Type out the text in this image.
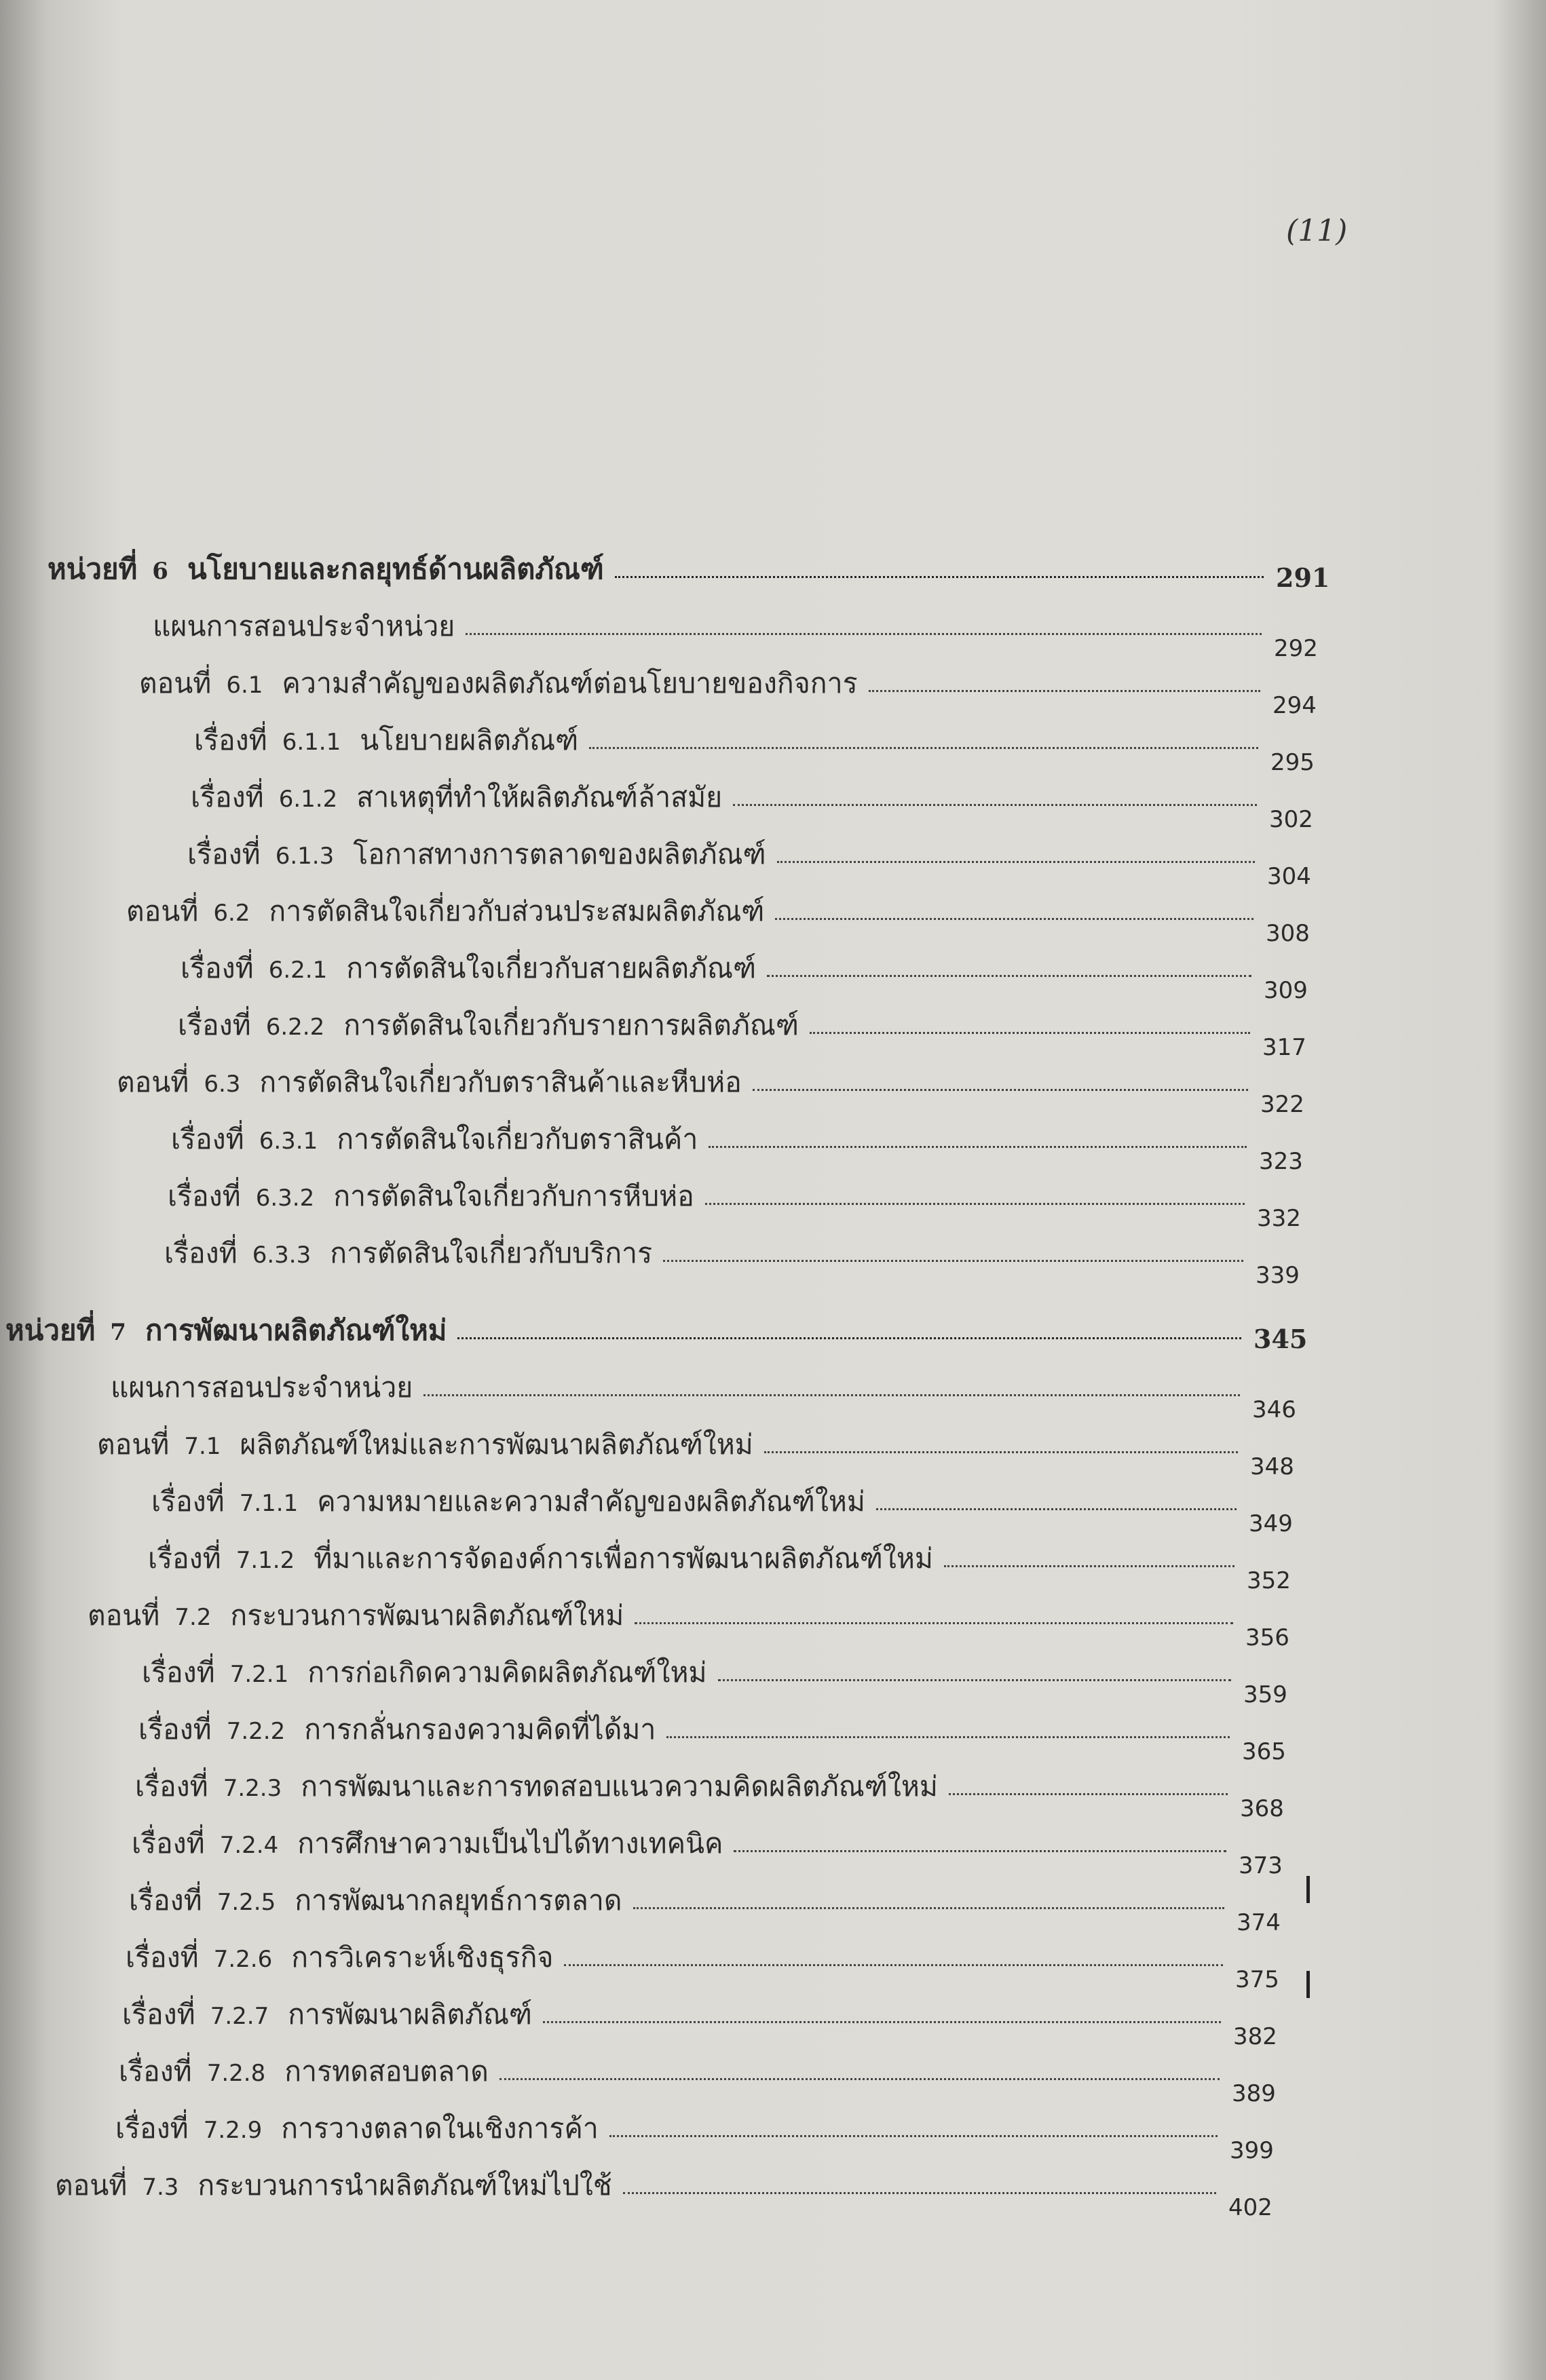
(11)
หน่วยที่ 6 นโยบายและกลยุทธ์ด้านผลิตภัณฑ์	291
แผนการสอนประจำหน่วย
292
ตอนที่ 6.1 ความสำคัญของผลิตภัณฑ์ต่อนโยบายของกิจการ
294
เรื่องที่ 6.1.1 นโยบายผลิตภัณฑ์
295
เรื่องที่ 6.1.2 สาเหตุที่ทำให้ผลิตภัณฑ์ล้าสมัย
302
เรื่องที่ 6.1.3 โอกาสทางการตลาดของผลิตภัณฑ์
304
ตอนที่ 6.2 การตัดสินใจเกี่ยวกับส่วนประสมผลิตภัณฑ์
308
เรื่องที่ 6.2.1 การตัดสินใจเกี่ยวกับสายผลิตภัณฑ์
309
เรื่องที่ 6.2.2 การตัดสินใจเกี่ยวกับรายการผลิตภัณฑ์
317
ตอนที่ 6.3 การตัดสินใจเกี่ยวกับตราสินค้าและหีบห่อ
322
เรื่องที่ 6.3.1 การตัดสินใจเกี่ยวกับตราสินค้า
323
เรื่องที่ 6.3.2 การตัดสินใจเกี่ยวกับการหีบห่อ
332
เรื่องที่ 6.3.3 การตัดสินใจเกี่ยวกับบริการ
339
หน่วยที่ 7 การพัฒนาผลิตภัณฑ์ใหม่	345
แผนการสอนประจำหน่วย
346
ตอนที่ 7.1 ผลิตภัณฑ์ใหม่และการพัฒนาผลิตภัณฑ์ใหม่
348
เรื่องที่ 7.1.1 ความหมายและความสำคัญของผลิตภัณฑ์ใหม่
349
เรื่องที่ 7.1.2 ที่มาและการจัดองค์การเพื่อการพัฒนาผลิตภัณฑ์ใหม่
352
ตอนที่ 7.2 กระบวนการพัฒนาผลิตภัณฑ์ใหม่
356
เรื่องที่ 7.2.1 การก่อเกิดความคิดผลิตภัณฑ์ใหม่
359
เรื่องที่ 7.2.2 การกลั่นกรองความคิดที่ได้มา
365
เรื่องที่ 7.2.3 การพัฒนาและการทดสอบแนวความคิดผลิตภัณฑ์ใหม่
368
เรื่องที่ 7.2.4 การศึกษาความเป็นไปได้ทางเทคนิค
373
เรื่องที่ 7.2.5 การพัฒนากลยุทธ์การตลาด
374
เรื่องที่ 7.2.6 การวิเคราะห์เชิงธุรกิจ
375
เรื่องที่ 7.2.7 การพัฒนาผลิตภัณฑ์
382
เรื่องที่ 7.2.8 การทดสอบตลาด
389
เรื่องที่ 7.2.9 การวางตลาดในเชิงการค้า
399
ตอนที่ 7.3 กระบวนการนำผลิตภัณฑ์ใหม่ไปใช้
402
